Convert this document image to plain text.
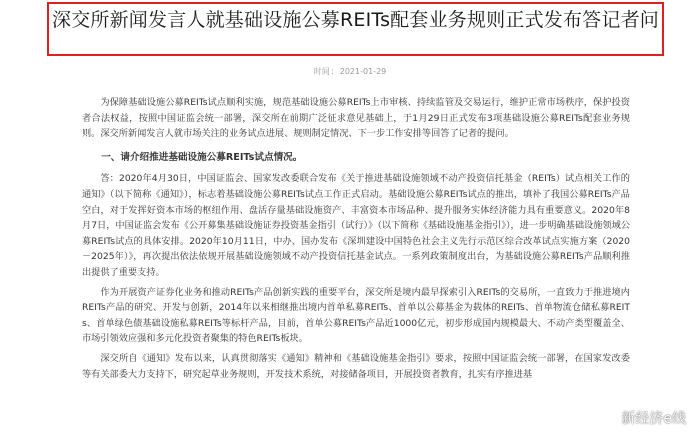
深交所新闻发言人就基础设施公募REITs配套业务规则正式发布答记者问
时间：2021-01-29

为保障基础设施公募REITs试点顺利实施，规范基础设施公募REITs上市审核、持续监管及交易运行，维护正常市场秩序，保护投资者合法权益，按照中国证监会统一部署，深交所在前期广泛征求意见基础上，于1月29日正式发布3项基础设施公募REITs配套业务规则。深交所新闻发言人就市场关注的业务试点进展、规则制定情况、下一步工作安排等回答了记者的提问。

一、请介绍推进基础设施公募REITs试点情况。

答：2020年4月30日，中国证监会、国家发改委联合发布《关于推进基础设施领域不动产投资信托基金（REITs）试点相关工作的通知》（以下简称《通知》），标志着基础设施公募REITs试点工作正式启动。基础设施公募REITs试点的推出，填补了我国公募REITs产品空白，对于发挥好资本市场的枢纽作用、盘活存量基础设施资产、丰富资本市场品种、提升服务实体经济能力具有重要意义。2020年8月7日，中国证监会发布《公开募集基础设施证券投资基金指引（试行）》（以下简称《基础设施基金指引》），进一步明确基础设施领域公募REITs试点的具体安排。2020年10月11日，中办、国办发布《深圳建设中国特色社会主义先行示范区综合改革试点实施方案（2020－2025年）》，再次提出依法依规开展基础设施领域不动产投资信托基金试点。一系列政策制度出台，为基础设施公募REITs产品顺利推出提供了重要支持。

作为开展资产证券化业务和推动REITs产品创新实践的重要平台，深交所是境内最早探索引入REITs的交易所，一直致力于推进境内REITs产品的研究、开发与创新，2014年以来相继推出境内首单私募REITs、首单以公募基金为载体的REITs、首单物流仓储私募REITs、首单绿色债基础设施私募REITs等标杆产品，目前，首单公募REITs产品近1000亿元，初步形成国内规模最大、不动产类型覆盖全、市场引领效应强和多元化投资者聚集的特色REITs板块。

深交所自《通知》发布以来，认真贯彻落实《通知》精神和《基础设施基金指引》要求，按照中国证监会统一部署，在国家发改委等有关部委大力支持下，研究起草业务规则，开发技术系统，对接储备项目，开展投资者教育，扎实有序推进基

新经济e线
